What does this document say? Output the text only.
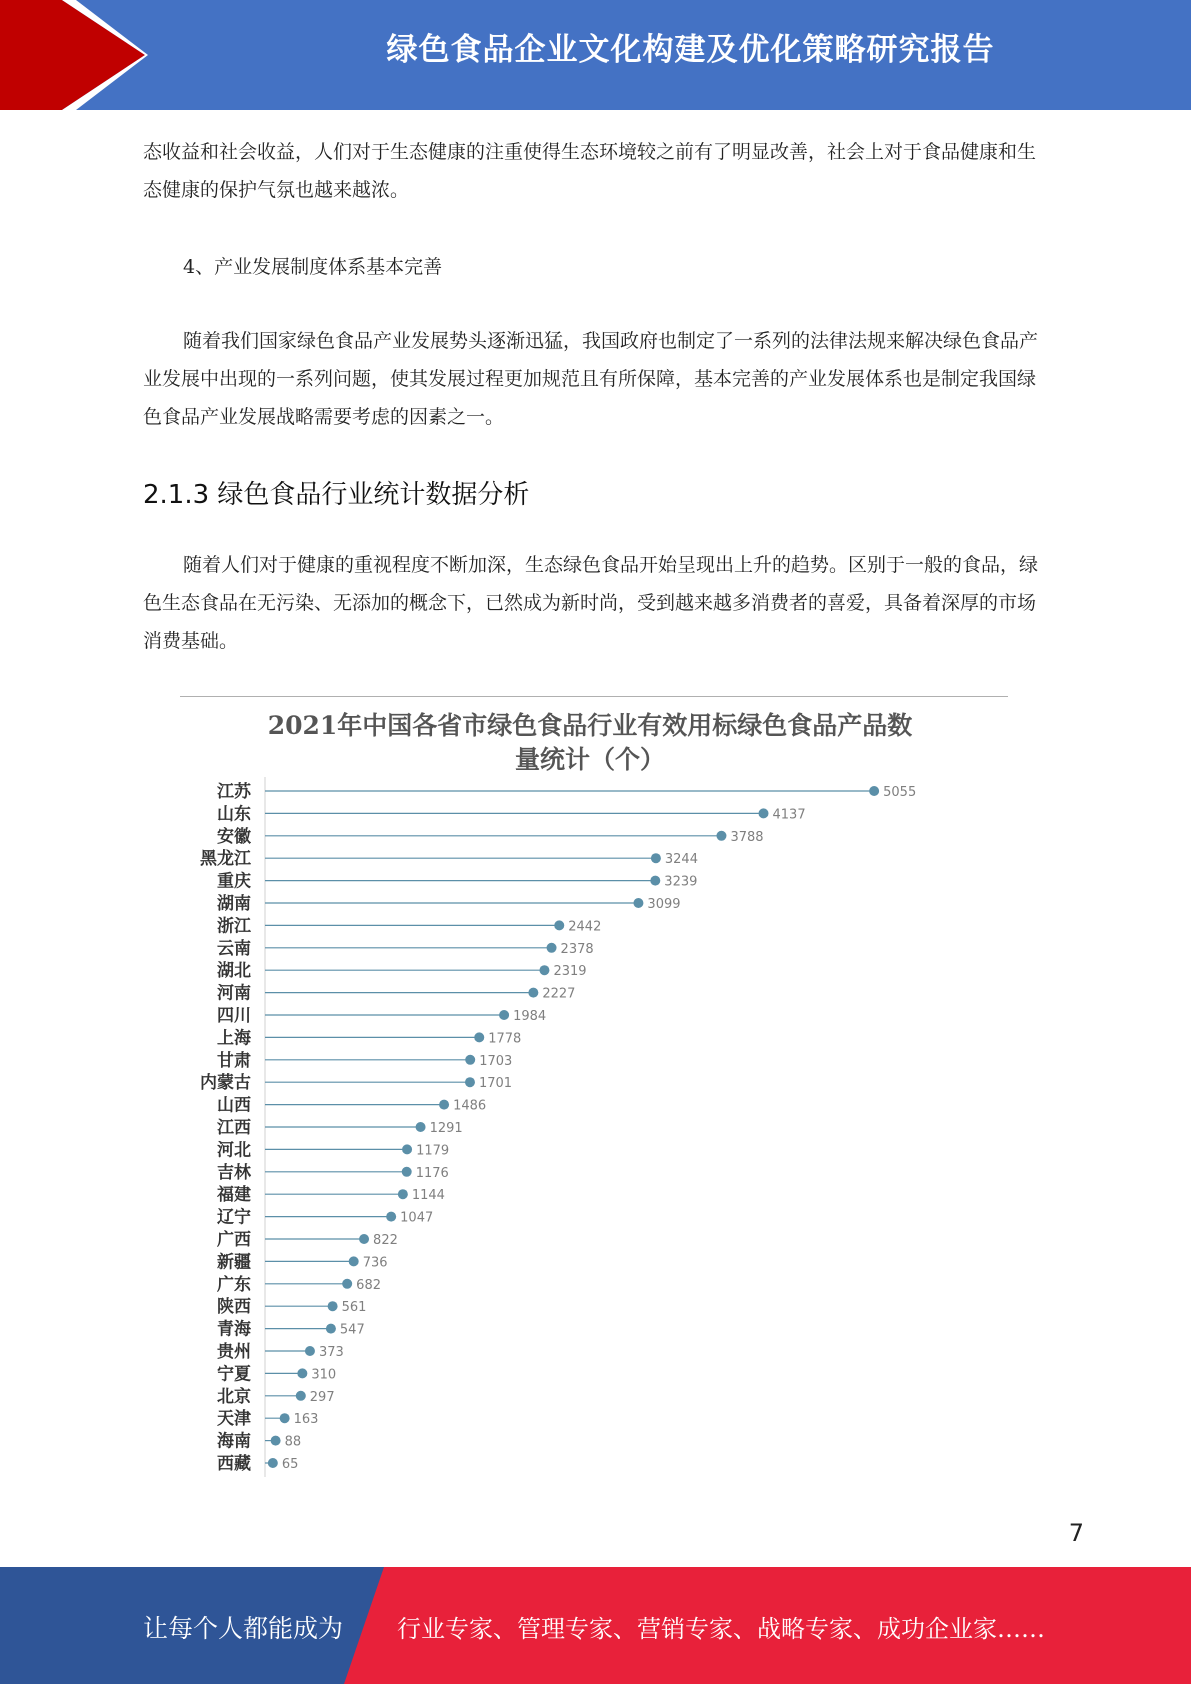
绿色食品企业文化构建及优化策略研究报告

态收益和社会收益，人们对于生态健康的注重使得生态环境较之前有了明显改善，社会上对于食品健康和生态健康的保护气氛也越来越浓。

4、产业发展制度体系基本完善

随着我们国家绿色食品产业发展势头逐渐迅猛，我国政府也制定了一系列的法律法规来解决绿色食品产业发展中出现的一系列问题，使其发展过程更加规范且有所保障，基本完善的产业发展体系也是制定我国绿色食品产业发展战略需要考虑的因素之一。

2.1.3 绿色食品行业统计数据分析

随着人们对于健康的重视程度不断加深，生态绿色食品开始呈现出上升的趋势。区别于一般的食品，绿色生态食品在无污染、无添加的概念下，已然成为新时尚，受到越来越多消费者的喜爱，具备着深厚的市场消费基础。

2021年中国各省市绿色食品行业有效用标绿色食品产品数
量统计（个）
江苏	5055
山东	4137
安徽	3788
黑龙江	3244
重庆	3239
湖南	3099
浙江	2442
云南	2378
湖北	2319
河南	2227
四川	1984
上海	1778
甘肃	1703
内蒙古	1701
山西	1486
江西	1291
河北	1179
吉林	1176
福建	1144
辽宁	1047
广西	822
新疆	736
广东	682
陕西	561
青海	547
贵州	373
宁夏	310
北京	297
天津	163
海南	88
西藏 65
7
让每个人都能成为 行业专家、管理专家、营销专家、战略专家、成功企业家……
